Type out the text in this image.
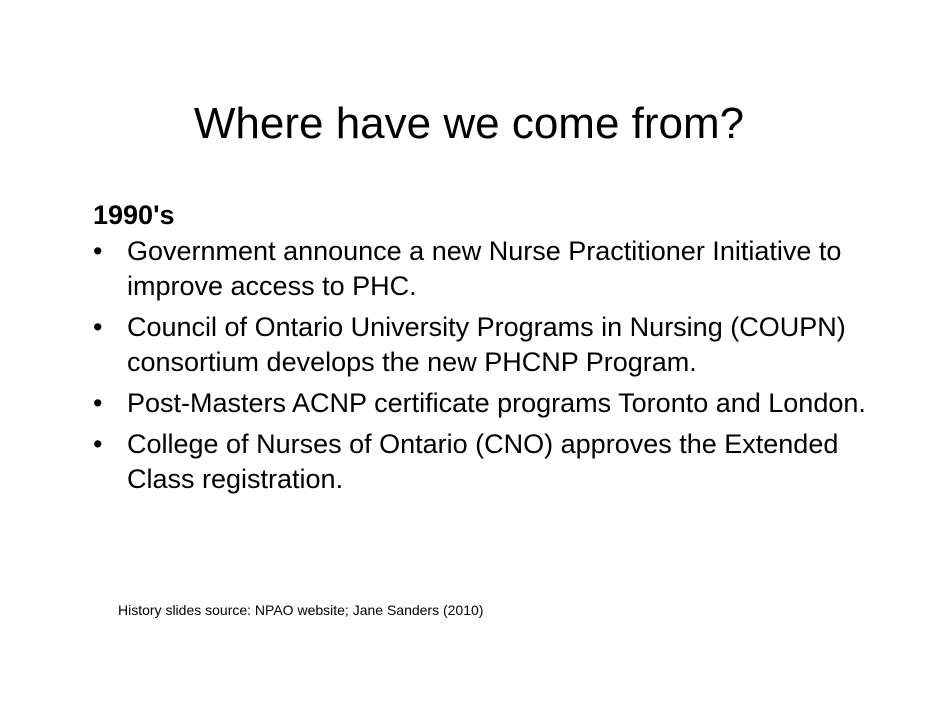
Where have we come from?

1990's

• Government announce a new Nurse Practitioner Initiative to improve access to PHC.
• Council of Ontario University Programs in Nursing (COUPN) consortium develops the new PHCNP Program.
• Post-Masters ACNP certificate programs Toronto and London.
• College of Nurses of Ontario (CNO) approves the Extended Class registration.
History slides source: NPAO website; Jane Sanders (2010)
